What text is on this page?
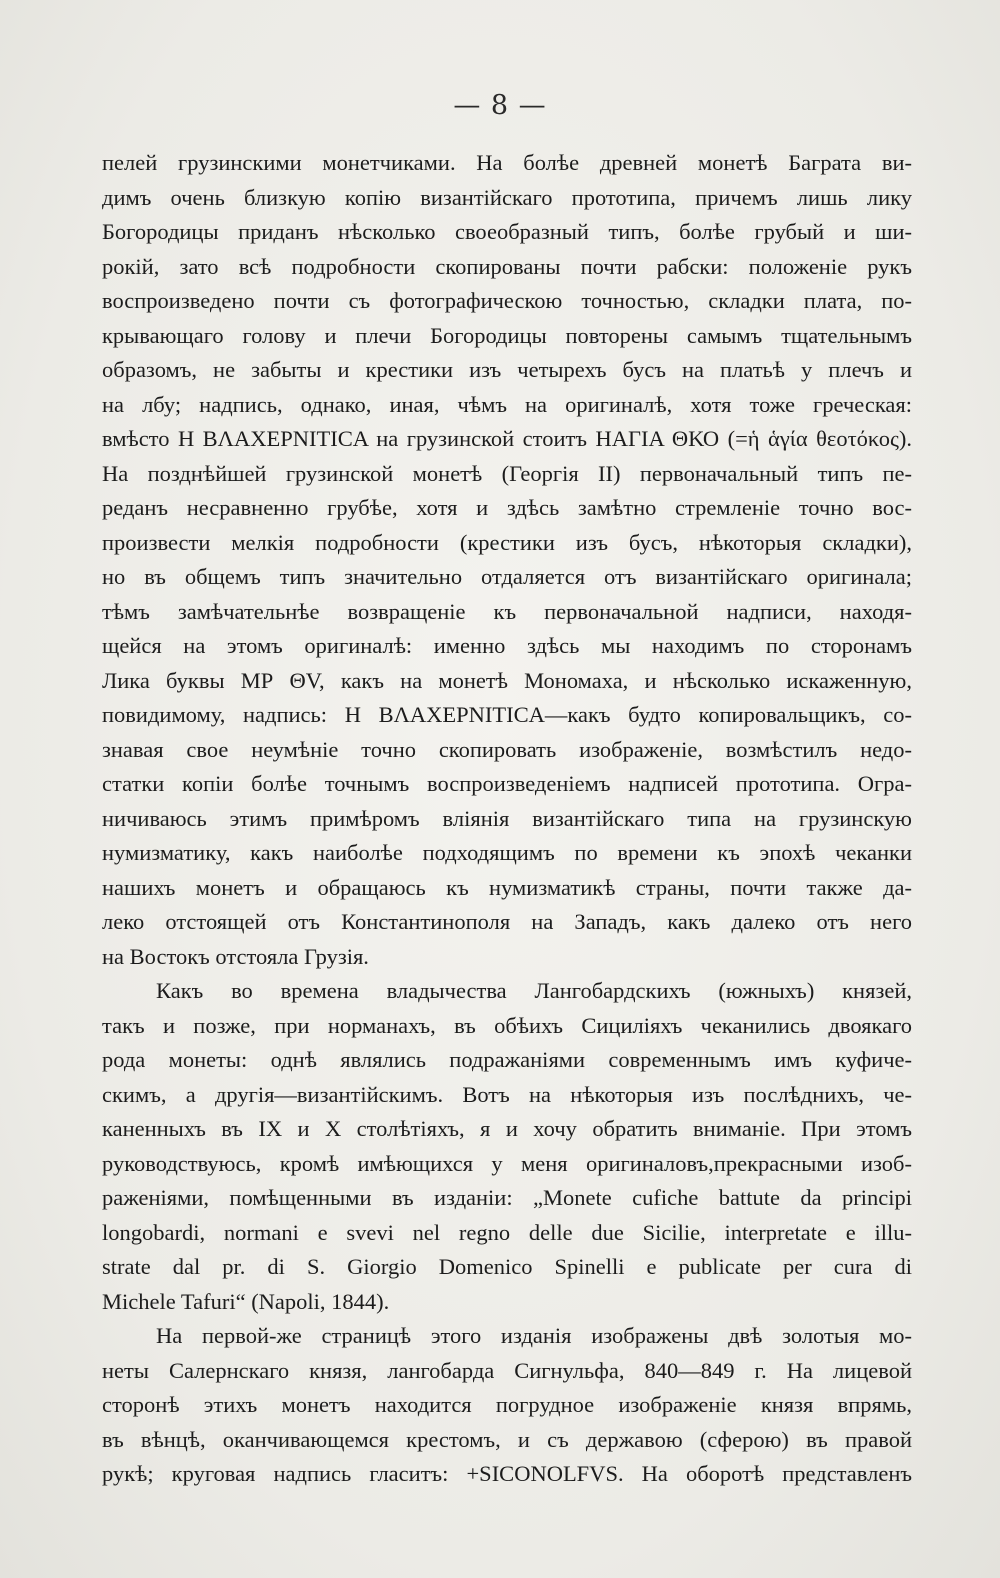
— 8 —
пелей грузинскими монетчиками. На болѣе древней монетѣ Баграта ви-
димъ очень близкую копію византійскаго прототипа, причемъ лишь лику
Богородицы приданъ нѣсколько своеобразный типъ, болѣе грубый и ши-
рокій, зато всѣ подробности скопированы почти рабски: положеніе рукъ
воспроизведено почти съ фотографическою точностью, складки плата, по-
крывающаго голову и плечи Богородицы повторены самымъ тщательнымъ
образомъ, не забыты и крестики изъ четырехъ бусъ на платьѣ у плечъ и
на лбу; надпись, однако, иная, чѣмъ на оригиналѣ, хотя тоже греческая:
вмѣсто Н ВΛΑΧΕΡΝΙΤΙϹΑ на грузинской стоитъ ΗΑΓΙΑ ΘΚΟ (=ἡ ἁγία θεοτόκος).
На позднѣйшей грузинской монетѣ (Георгія II) первоначальный типъ пе-
реданъ несравненно грубѣе, хотя и здѣсь замѣтно стремленіе точно вос-
произвести мелкія подробности (крестики изъ бусъ, нѣкоторыя складки),
но въ общемъ типъ значительно отдаляется отъ византійскаго оригинала;
тѣмъ замѣчательнѣе возвращеніе къ первоначальной надписи, находя-
щейся на этомъ оригиналѣ: именно здѣсь мы находимъ по сторонамъ
Лика буквы ΜΡ ΘV, какъ на монетѣ Мономаха, и нѣсколько искаженную,
повидимому, надпись: Н ВΛΑΧΕΡΝΙΤΙϹΑ—какъ будто копировальщикъ, со-
знавая свое неумѣніе точно скопировать изображеніе, возмѣстилъ недо-
статки копіи болѣе точнымъ воспроизведеніемъ надписей прототипа. Огра-
ничиваюсь этимъ примѣромъ вліянія византійскаго типа на грузинскую
нумизматику, какъ наиболѣе подходящимъ по времени къ эпохѣ чеканки
нашихъ монетъ и обращаюсь къ нумизматикѣ страны, почти также да-
леко отстоящей отъ Константинополя на Западъ, какъ далеко отъ него
на Востокъ отстояла Грузія.
Какъ во времена владычества Лангобардскихъ (южныхъ) князей,
такъ и позже, при норманахъ, въ обѣихъ Сициліяхъ чеканились двоякаго
рода монеты: однѣ являлись подражаніями современнымъ имъ куфиче-
скимъ, а другія—византійскимъ. Вотъ на нѣкоторыя изъ послѣднихъ, че-
каненныхъ въ IX и X столѣтіяхъ, я и хочу обратить вниманіе. При этомъ
руководствуюсь, кромѣ имѣющихся у меня оригиналовъ,прекрасными изоб-
раженіями, помѣщенными въ изданіи: „Monete cufiche battute da principi
longobardi, normani e svevi nel regno delle due Sicilie, interpretate e illu-
strate dal pr. di S. Giorgio Domenico Spinelli e publicate per cura di
Michele Tafuri“ (Napoli, 1844).
На первой-же страницѣ этого изданія изображены двѣ золотыя мо-
неты Салернскаго князя, лангобарда Сигнульфа, 840—849 г. На лицевой
сторонѣ этихъ монетъ находится погрудное изображеніе князя впрямь,
въ вѣнцѣ, оканчивающемся крестомъ, и съ державою (сферою) въ правой
рукѣ; круговая надпись гласитъ: +SICONOLFVS. На оборотѣ представленъ
